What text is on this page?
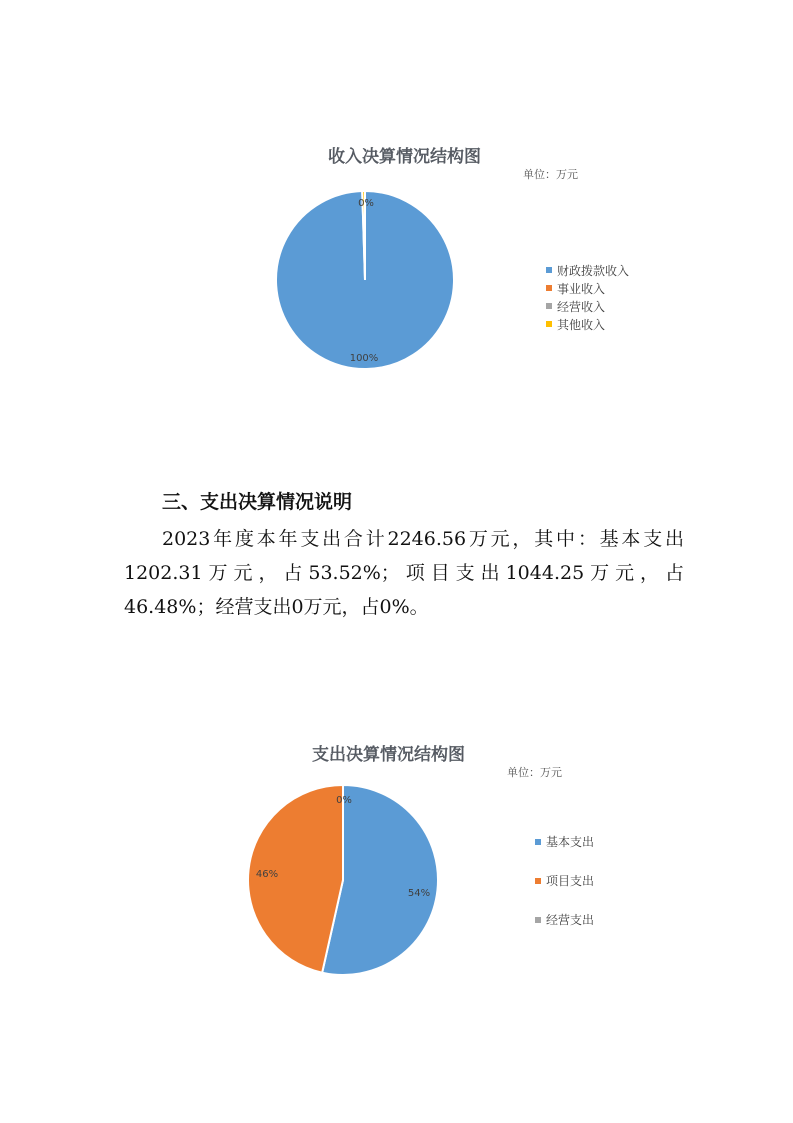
收入决算情况结构图
单位：万元
0%
100%
财政拨款收入
事业收入
经营收入
其他收入
三、支出决算情况说明
2023年度本年支出合计2246.56万元，其中：基本支出1202.31万元，占53.52%；项目支出1044.25万元，占46.48%；经营支出0万元，占0%。
支出决算情况结构图
单位：万元
0%
54%
46%
基本支出
项目支出
经营支出
